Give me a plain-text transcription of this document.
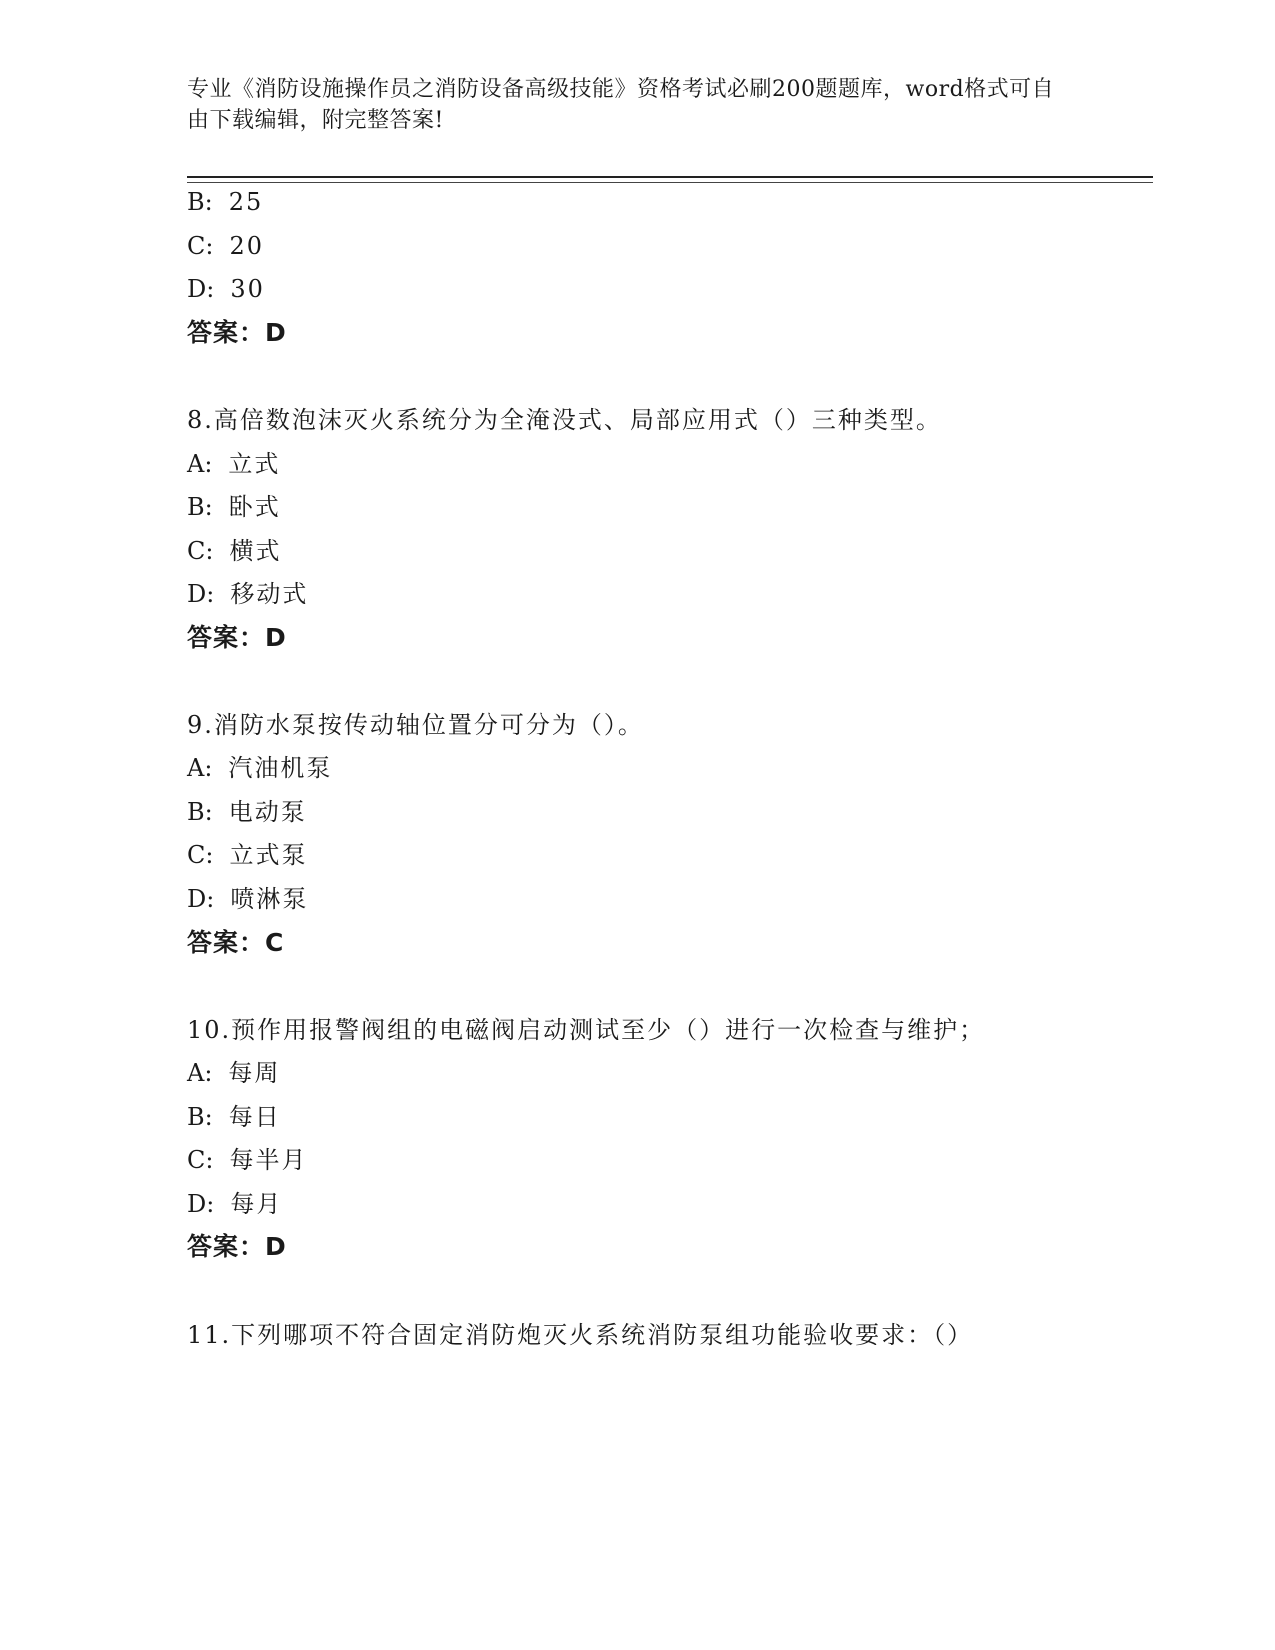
专业《消防设施操作员之消防设备高级技能》资格考试必刷200题题库，word格式可自由下载编辑，附完整答案!
B: 25
C: 20
D: 30
答案：D
8.高倍数泡沫灭火系统分为全淹没式、局部应用式（）三种类型。
A: 立式
B: 卧式
C: 横式
D: 移动式
答案：D
9.消防水泵按传动轴位置分可分为（）。
A: 汽油机泵
B: 电动泵
C: 立式泵
D: 喷淋泵
答案：C
10.预作用报警阀组的电磁阀启动测试至少（）进行一次检查与维护；
A: 每周
B: 每日
C: 每半月
D: 每月
答案：D
11.下列哪项不符合固定消防炮灭火系统消防泵组功能验收要求：（）
